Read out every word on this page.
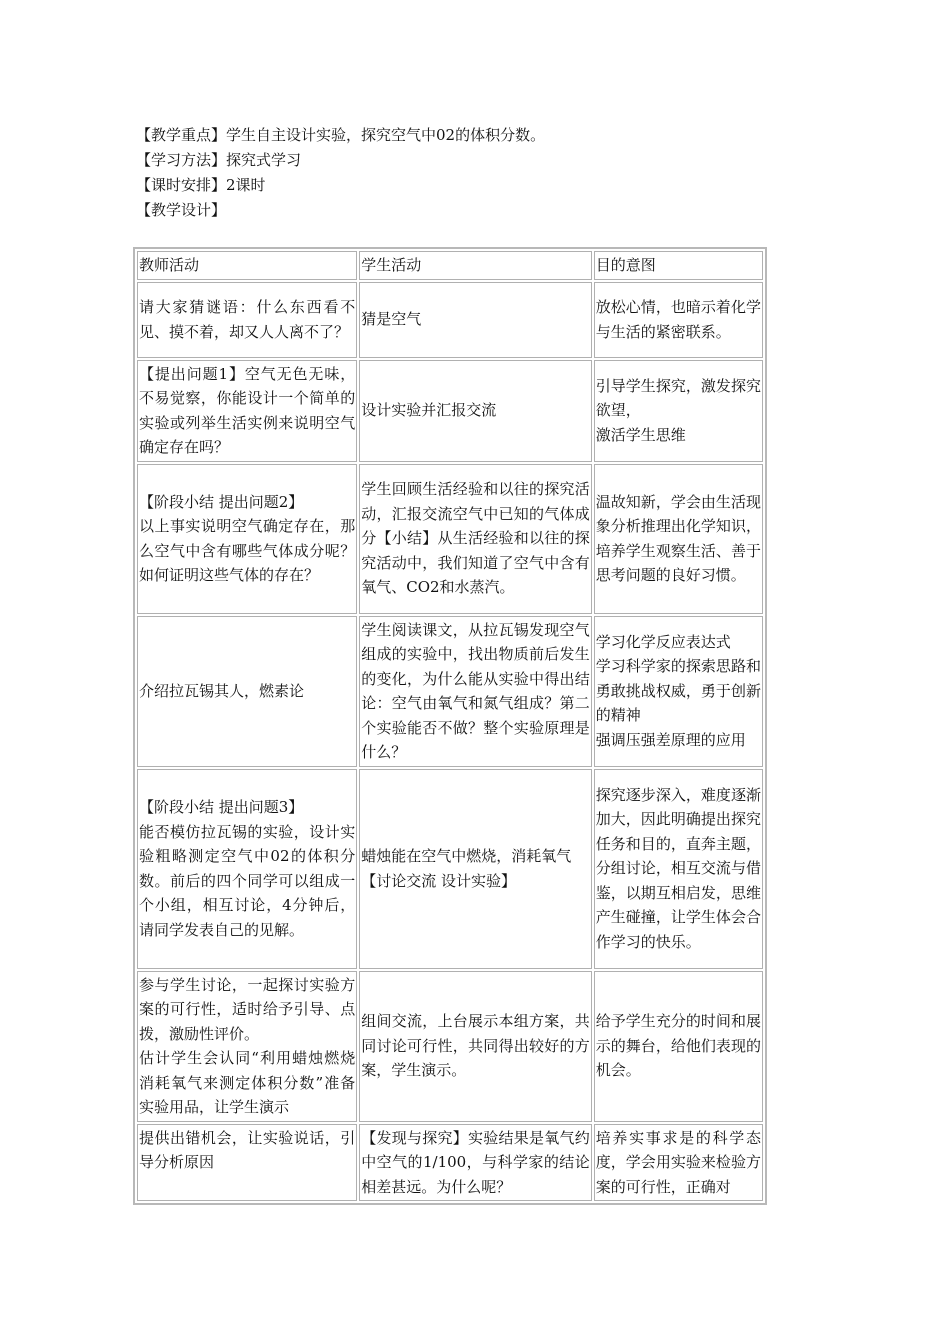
【教学重点】学生自主设计实验，探究空气中02的体积分数。
【学习方法】探究式学习
【课时安排】2课时
【教学设计】
教师活动	学生活动	目的意图

请大家猜谜语：什么东西看不见、摸不着，却又人人离不了？	猜是空气	放松心情，也暗示着化学与生活的紧密联系。

【提出问题1】空气无色无味，不易觉察，你能设计一个简单的实验或列举生活实例来说明空气确定存在吗？	设计实验并汇报交流	引导学生探究，激发探究欲望，
激活学生思维

【阶段小结 提出问题2】
以上事实说明空气确定存在，那么空气中含有哪些气体成分呢？如何证明这些气体的存在？	学生回顾生活经验和以往的探究活动，汇报交流空气中已知的气体成分【小结】从生活经验和以往的探究活动中，我们知道了空气中含有氧气、CO2和水蒸汽。	温故知新，学会由生活现象分析推理出化学知识，培养学生观察生活、善于思考问题的良好习惯。

介绍拉瓦锡其人，燃素论	学生阅读课文，从拉瓦锡发现空气组成的实验中，找出物质前后发生的变化，为什么能从实验中得出结论：空气由氧气和氮气组成？第二个实验能否不做？整个实验原理是什么？	学习化学反应表达式
学习科学家的探索思路和勇敢挑战权威，勇于创新的精神
强调压强差原理的应用

【阶段小结 提出问题3】
能否模仿拉瓦锡的实验，设计实验粗略测定空气中02的体积分数。前后的四个同学可以组成一个小组，相互讨论，4分钟后，请同学发表自己的见解。	蜡烛能在空气中燃烧，消耗氧气
【讨论交流 设计实验】	探究逐步深入，难度逐渐加大，因此明确提出探究任务和目的，直奔主题，分组讨论，相互交流与借鉴，以期互相启发，思维产生碰撞，让学生体会合作学习的快乐。

参与学生讨论，一起探讨实验方案的可行性，适时给予引导、点拨，激励性评价。
估计学生会认同“利用蜡烛燃烧消耗氧气来测定体积分数”准备实验用品，让学生演示	组间交流，上台展示本组方案，共同讨论可行性，共同得出较好的方案，学生演示。	给予学生充分的时间和展示的舞台，给他们表现的机会。

提供出错机会，让实验说话，引导分析原因	【发现与探究】实验结果是氧气约中空气的1/100，与科学家的结论相差甚远。为什么呢？	培养实事求是的科学态度，学会用实验来检验方案的可行性，正确对
